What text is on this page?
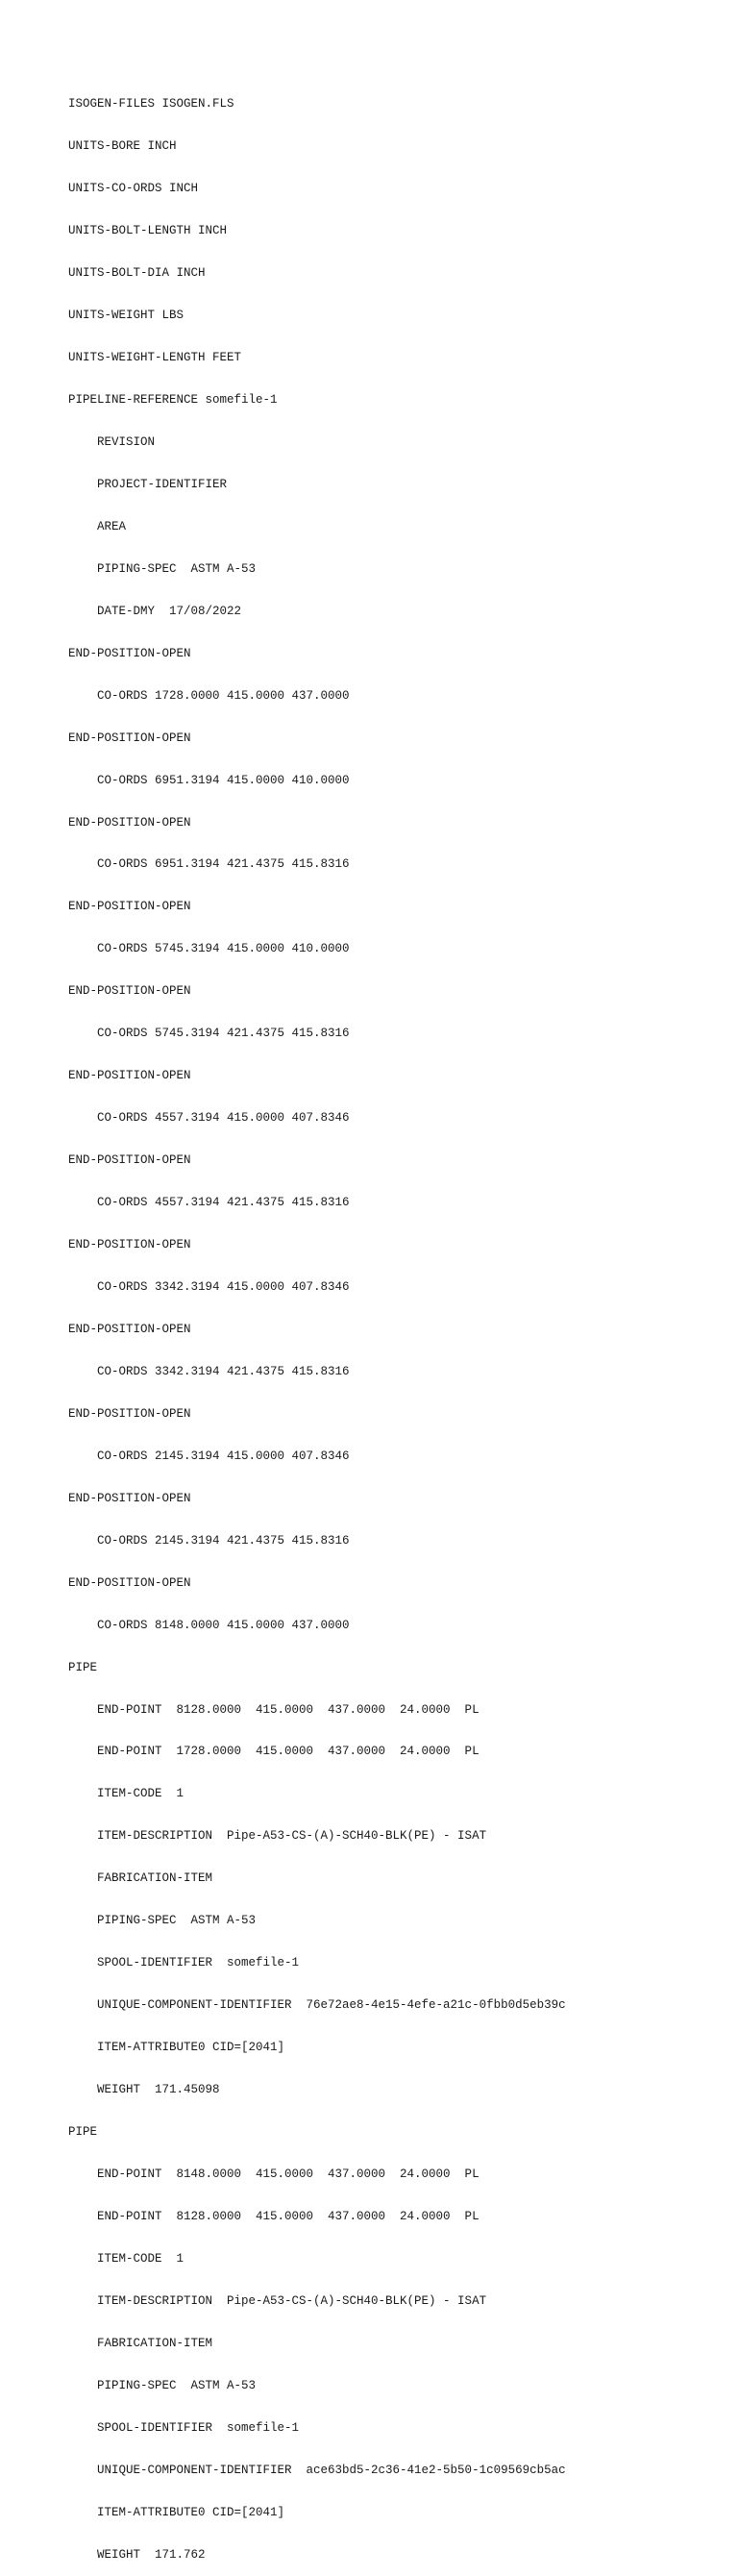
ISOGEN-FILES ISOGEN.FLS

UNITS-BORE INCH

UNITS-CO-ORDS INCH

UNITS-BOLT-LENGTH INCH

UNITS-BOLT-DIA INCH

UNITS-WEIGHT LBS

UNITS-WEIGHT-LENGTH FEET

PIPELINE-REFERENCE somefile-1

REVISION

PROJECT-IDENTIFIER

AREA

PIPING-SPEC  ASTM A-53

DATE-DMY  17/08/2022

END-POSITION-OPEN

CO-ORDS 1728.0000 415.0000 437.0000

END-POSITION-OPEN

CO-ORDS 6951.3194 415.0000 410.0000

END-POSITION-OPEN

CO-ORDS 6951.3194 421.4375 415.8316

END-POSITION-OPEN

CO-ORDS 5745.3194 415.0000 410.0000

END-POSITION-OPEN

CO-ORDS 5745.3194 421.4375 415.8316

END-POSITION-OPEN

CO-ORDS 4557.3194 415.0000 407.8346

END-POSITION-OPEN

CO-ORDS 4557.3194 421.4375 415.8316

END-POSITION-OPEN

CO-ORDS 3342.3194 415.0000 407.8346

END-POSITION-OPEN

CO-ORDS 3342.3194 421.4375 415.8316

END-POSITION-OPEN

CO-ORDS 2145.3194 415.0000 407.8346

END-POSITION-OPEN

CO-ORDS 2145.3194 421.4375 415.8316

END-POSITION-OPEN

CO-ORDS 8148.0000 415.0000 437.0000

PIPE

END-POINT  8128.0000  415.0000  437.0000  24.0000  PL

END-POINT  1728.0000  415.0000  437.0000  24.0000  PL

ITEM-CODE  1

ITEM-DESCRIPTION  Pipe-A53-CS-(A)-SCH40-BLK(PE) - ISAT

FABRICATION-ITEM

PIPING-SPEC  ASTM A-53

SPOOL-IDENTIFIER  somefile-1

UNIQUE-COMPONENT-IDENTIFIER  76e72ae8-4e15-4efe-a21c-0fbb0d5eb39c

ITEM-ATTRIBUTE0 CID=[2041]

WEIGHT  171.45098

PIPE

END-POINT  8148.0000  415.0000  437.0000  24.0000  PL

END-POINT  8128.0000  415.0000  437.0000  24.0000  PL

ITEM-CODE  1

ITEM-DESCRIPTION  Pipe-A53-CS-(A)-SCH40-BLK(PE) - ISAT

FABRICATION-ITEM

PIPING-SPEC  ASTM A-53

SPOOL-IDENTIFIER  somefile-1

UNIQUE-COMPONENT-IDENTIFIER  ace63bd5-2c36-41e2-5b50-1c09569cb5ac

ITEM-ATTRIBUTE0 CID=[2041]

WEIGHT  171.762
